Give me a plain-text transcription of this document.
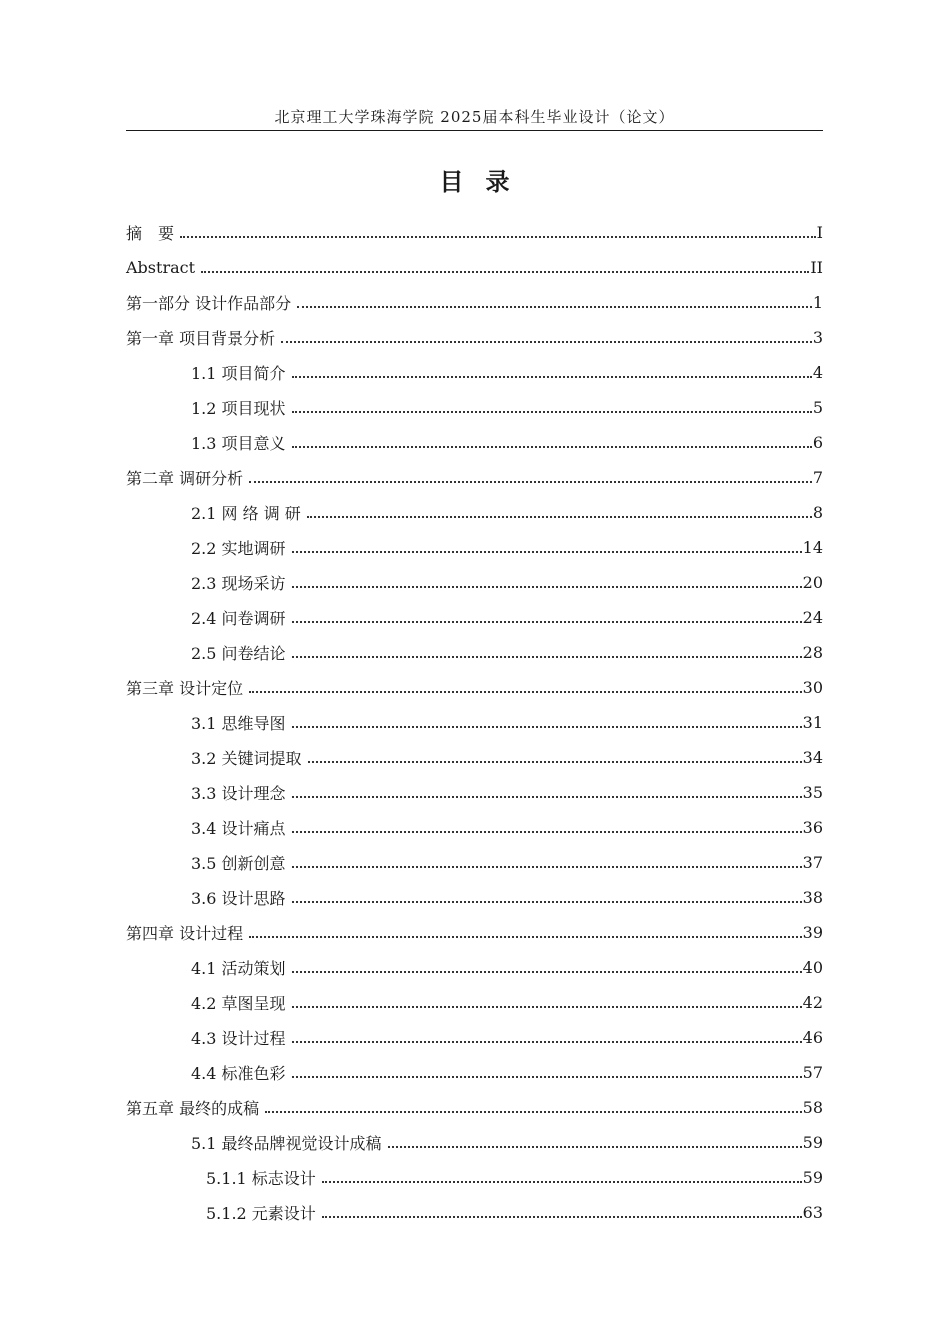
北京理工大学珠海学院 2025届本科生毕业设计（论文）
目录
摘　要	I
Abstract	II
第一部分 设计作品部分	1
第一章 项目背景分析	3
1.1 项目简介	4
1.2 项目现状	5
1.3 项目意义	6
第二章 调研分析	7
2.1 网 络 调 研	8
2.2 实地调研	14
2.3 现场采访	20
2.4 问卷调研	24
2.5 问卷结论	28
第三章 设计定位	30
3.1 思维导图	31
3.2 关键词提取	34
3.3 设计理念	35
3.4 设计痛点	36
3.5 创新创意	37
3.6 设计思路	38
第四章 设计过程	39
4.1 活动策划	40
4.2 草图呈现	42
4.3 设计过程	46
4.4 标准色彩	57
第五章 最终的成稿	58
5.1 最终品牌视觉设计成稿	59
5.1.1 标志设计	59
5.1.2 元素设计	63
